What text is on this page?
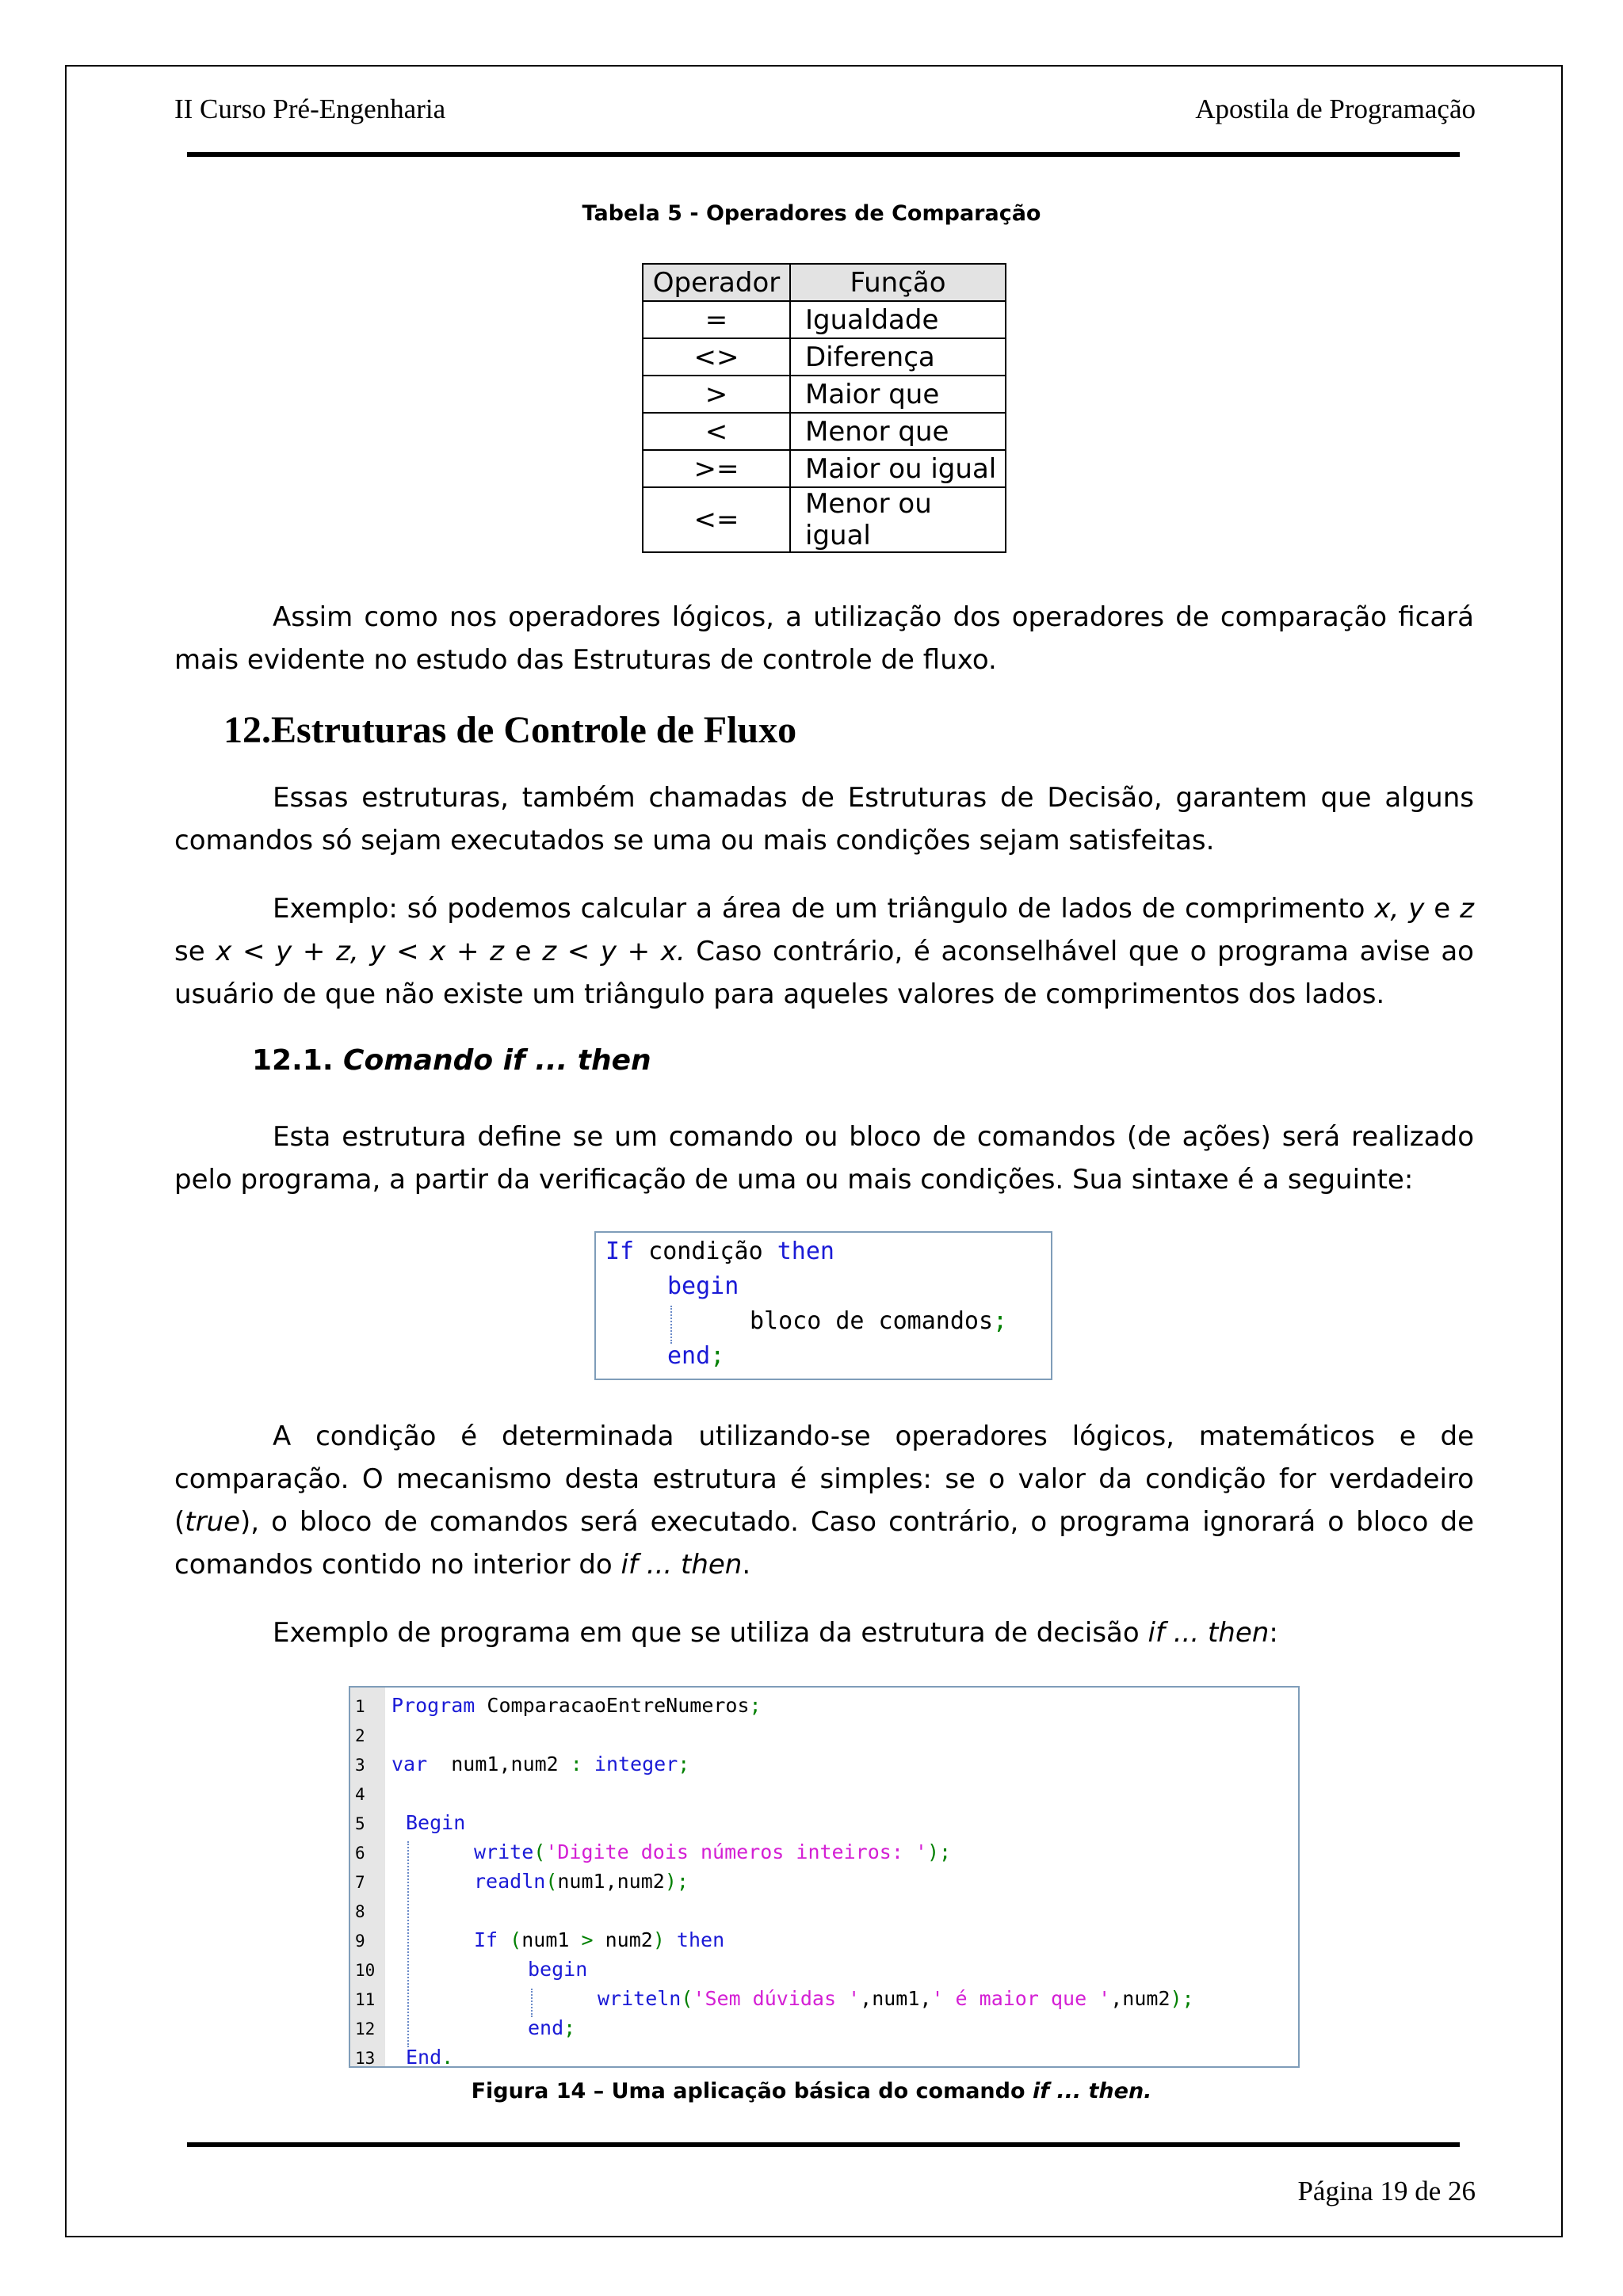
II Curso Pré-Engenharia	Apostila de Programação
Tabela 5 - Operadores de Comparação
Operador	Função
=	Igualdade
<>	Diferença
>	Maior que
<	Menor que
>=	Maior ou igual
<=	Menor ou igual
Assim como nos operadores lógicos, a utilização dos operadores de comparação ficará mais evidente no estudo das Estruturas de controle de fluxo.
12.Estruturas de Controle de Fluxo
Essas estruturas, também chamadas de Estruturas de Decisão, garantem que alguns comandos só sejam executados se uma ou mais condições sejam satisfeitas.
Exemplo: só podemos calcular a área de um triângulo de lados de comprimento x, y e z se x < y + z, y < x + z e z < y + x. Caso contrário, é aconselhável que o programa avise ao usuário de que não existe um triângulo para aqueles valores de comprimentos dos lados.
12.1. Comando if ... then
Esta estrutura define se um comando ou bloco de comandos (de ações) será realizado pelo programa, a partir da verificação de uma ou mais condições. Sua sintaxe é a seguinte:
If condição then
begin
bloco de comandos;
end;
A condição é determinada utilizando-se operadores lógicos, matemáticos e de comparação. O mecanismo desta estrutura é simples: se o valor da condição for verdadeiro (true), o bloco de comandos será executado. Caso contrário, o programa ignorará o bloco de comandos contido no interior do if ... then.
Exemplo de programa em que se utiliza da estrutura de decisão if ... then:
1
2
3
4
5
6
7
8
9
10
11
12
13
Program ComparacaoEntreNumeros;
var  num1,num2 : integer;
Begin
write('Digite dois números inteiros: ');
readln(num1,num2);
If (num1 > num2) then
begin
writeln('Sem dúvidas ',num1,' é maior que ',num2);
end;
End.
Figura 14 – Uma aplicação básica do comando if ... then.
Página 19 de 26
